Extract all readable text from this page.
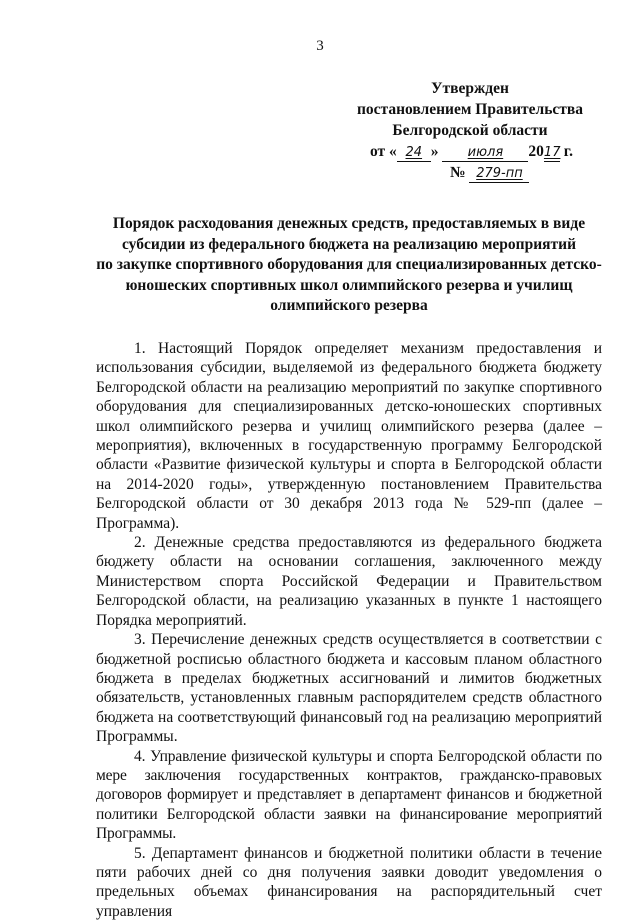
3
Утвержден
постановлением Правительства
Белгородской области
от « 24 » июля 2017 г.
№ 279-пп
Порядок расходования денежных средств, предоставляемых в виде
субсидии из федерального бюджета на реализацию мероприятий
по закупке спортивного оборудования для специализированных детско-
юношеских спортивных школ олимпийского резерва и училищ
олимпийского резерва

1. Настоящий Порядок определяет механизм предоставления и использования субсидии, выделяемой из федерального бюджета бюджету Белгородской области на реализацию мероприятий по закупке спортивного оборудования для специализированных детско-юношеских спортивных школ олимпийского резерва и училищ олимпийского резерва (далее – мероприятия), включенных в государственную программу Белгородской области «Развитие физической культуры и спорта в Белгородской области на 2014-2020 годы», утвержденную постановлением Правительства Белгородской области от 30 декабря 2013 года № 529-пп (далее – Программа).

2. Денежные средства предоставляются из федерального бюджета бюджету области на основании соглашения, заключенного между Министерством спорта Российской Федерации и Правительством Белгородской области, на реализацию указанных в пункте 1 настоящего Порядка мероприятий.

3. Перечисление денежных средств осуществляется в соответствии с бюджетной росписью областного бюджета и кассовым планом областного бюджета в пределах бюджетных ассигнований и лимитов бюджетных обязательств, установленных главным распорядителем средств областного бюджета на соответствующий финансовый год на реализацию мероприятий Программы.

4. Управление физической культуры и спорта Белгородской области по мере заключения государственных контрактов, гражданско-правовых договоров формирует и представляет в департамент финансов и бюджетной политики Белгородской области заявки на финансирование мероприятий Программы.

5. Департамент финансов и бюджетной политики области в течение пяти рабочих дней со дня получения заявки доводит уведомления о предельных объемах финансирования на распорядительный счет управления
